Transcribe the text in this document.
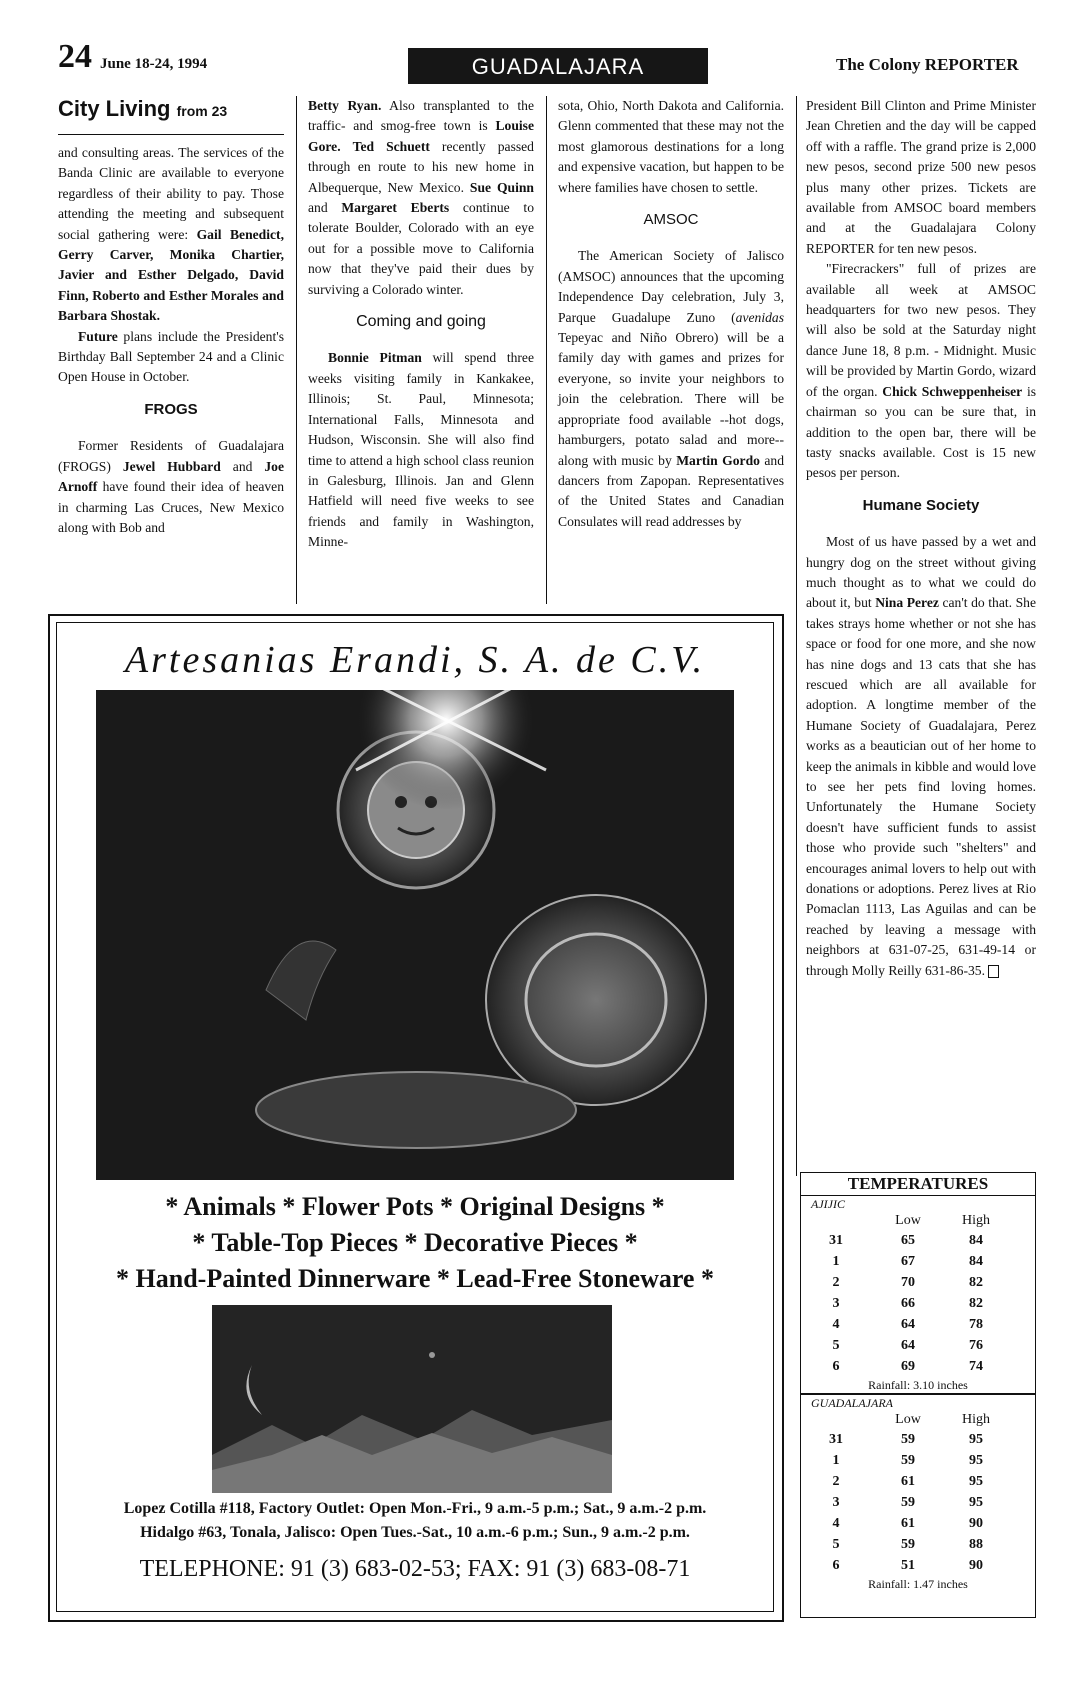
24 June 18-24, 1994	GUADALAJARA	The Colony REPORTER
City Living from 23

and consulting areas. The services of the Banda Clinic are available to everyone regardless of their ability to pay. Those attending the meeting and subsequent social gathering were: Gail Benedict, Gerry Carver, Monika Chartier, Javier and Esther Delgado, David Finn, Roberto and Esther Morales and Barbara Shostak.

Future plans include the President's Birthday Ball September 24 and a Clinic Open House in October.

FROGS

Former Residents of Guadalajara (FROGS) Jewel Hubbard and Joe Arnoff have found their idea of heaven in charming Las Cruces, New Mexico along with Bob and

Betty Ryan. Also transplanted to the traffic- and smog-free town is Louise Gore. Ted Schuett recently passed through en route to his new home in Albequerque, New Mexico. Sue Quinn and Margaret Eberts continue to tolerate Boulder, Colorado with an eye out for a possible move to California now that they've paid their dues by surviving a Colorado winter.

Coming and going

Bonnie Pitman will spend three weeks visiting family in Kankakee, Illinois; St. Paul, Minnesota; International Falls, Minnesota and Hudson, Wisconsin. She will also find time to attend a high school class reunion in Galesburg, Illinois. Jan and Glenn Hatfield will need five weeks to see friends and family in Washington, Minne-

sota, Ohio, North Dakota and California. Glenn commented that these may not the most glamorous destinations for a long and expensive vacation, but happen to be where families have chosen to settle.

AMSOC

The American Society of Jalisco (AMSOC) announces that the upcoming Independence Day celebration, July 3, Parque Guadalupe Zuno (avenidas Tepeyac and Niño Obrero) will be a family day with games and prizes for everyone, so invite your neighbors to join the celebration. There will be appropriate food available --hot dogs, hamburgers, potato salad and more--along with music by Martin Gordo and dancers from Zapopan. Representatives of the United States and Canadian Consulates will read addresses by

President Bill Clinton and Prime Minister Jean Chretien and the day will be capped off with a raffle. The grand prize is 2,000 new pesos, second prize 500 new pesos plus many other prizes. Tickets are available from AMSOC board members and at the Guadalajara Colony REPORTER for ten new pesos.

"Firecrackers" full of prizes are available all week at AMSOC headquarters for two new pesos. They will also be sold at the Saturday night dance June 18, 8 p.m. - Midnight. Music will be provided by Martin Gordo, wizard of the organ. Chick Schweppenheiser is chairman so you can be sure that, in addition to the open bar, there will be tasty snacks available. Cost is 15 new pesos per person.

Humane Society

Most of us have passed by a wet and hungry dog on the street without giving much thought as to what we could do about it, but Nina Perez can't do that. She takes strays home whether or not she has space or food for one more, and she now has nine dogs and 13 cats that she has rescued which are all available for adoption. A longtime member of the Humane Society of Guadalajara, Perez works as a beautician out of her home to keep the animals in kibble and would love to see her pets find loving homes. Unfortunately the Humane Society doesn't have sufficient funds to assist those who provide such "shelters" and encourages animal lovers to help out with donations or adoptions. Perez lives at Rio Pomaclan 1113, Las Aguilas and can be reached by leaving a message with neighbors at 631-07-25, 631-49-14 or through Molly Reilly 631-86-35.

Artesanias Erandi, S. A. de C.V.
* Animals * Flower Pots * Original Designs *
* Table-Top Pieces * Decorative Pieces *
* Hand-Painted Dinnerware * Lead-Free Stoneware *
Lopez Cotilla #118, Factory Outlet: Open Mon.-Fri., 9 a.m.-5 p.m.; Sat., 9 a.m.-2 p.m.
Hidalgo #63, Tonala, Jalisco: Open Tues.-Sat., 10 a.m.-6 p.m.; Sun., 9 a.m.-2 p.m.
TELEPHONE: 91 (3) 683-02-53; FAX: 91 (3) 683-08-71
TEMPERATURES
AJIJIC
Low	High
31	65	84
1	67	84
2	70	82
3	66	82
4	64	78
5	64	76
6	69	74
Rainfall: 3.10 inches
GUADALAJARA
Low	High
31	59	95
1	59	95
2	61	95
3	59	95
4	61	90
5	59	88
6	51	90
Rainfall: 1.47 inches
